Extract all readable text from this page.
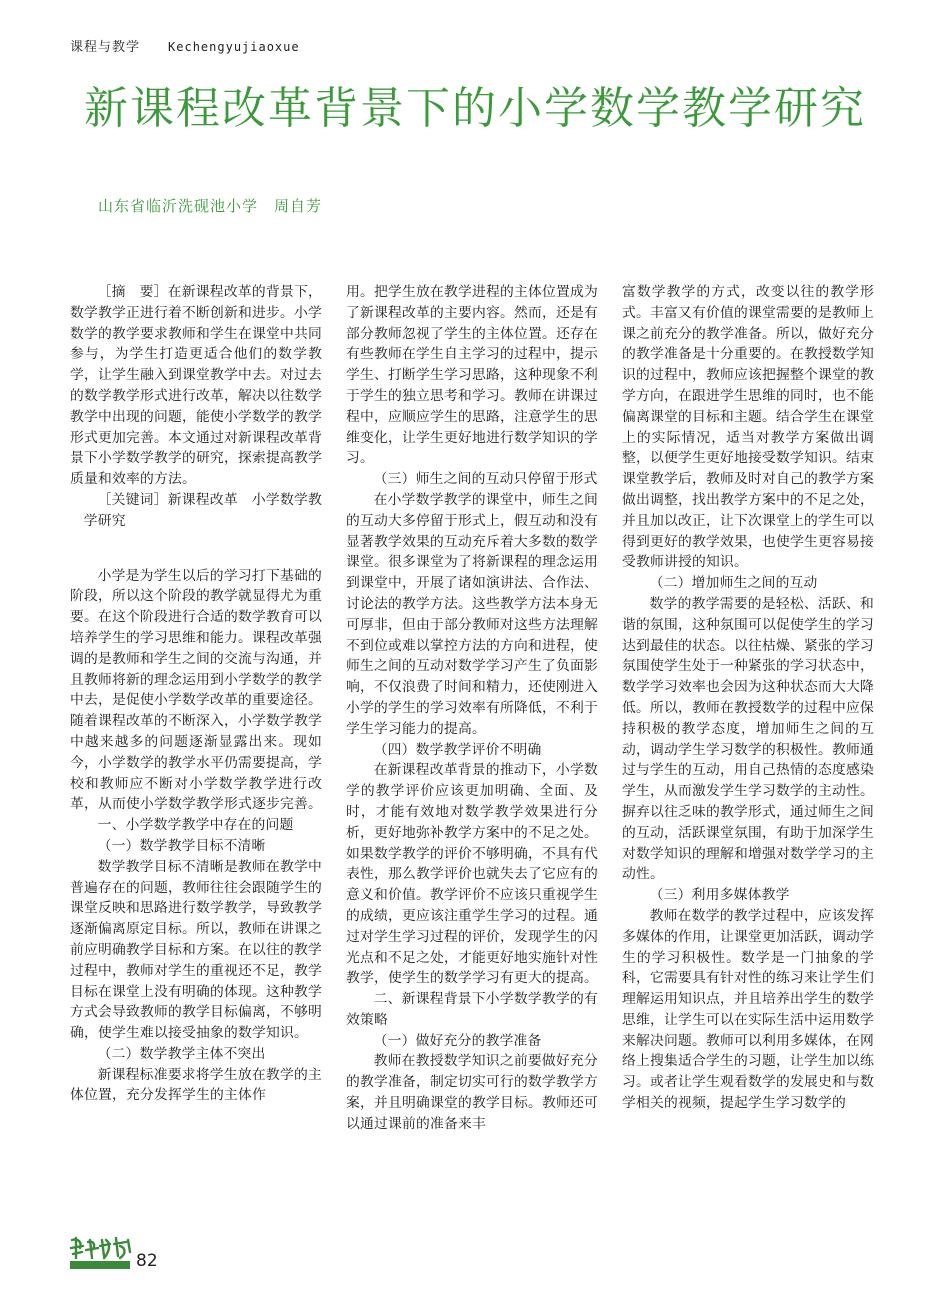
课程与教学 Kechengyujiaoxue
新课程改革背景下的小学数学教学研究
山东省临沂洗砚池小学 周自芳

［摘　要］在新课程改革的背景下，数学教学正进行着不断创新和进步。小学数学的教学要求教师和学生在课堂中共同参与，为学生打造更适合他们的数学教学，让学生融入到课堂教学中去。对过去的数学教学形式进行改革，解决以往数学教学中出现的问题，能使小学数学的教学形式更加完善。本文通过对新课程改革背景下小学数学教学的研究，探索提高教学质量和效率的方法。

［关键词］新课程改革　小学数学教学研究

小学是为学生以后的学习打下基础的阶段，所以这个阶段的教学就显得尤为重要。在这个阶段进行合适的数学教育可以培养学生的学习思维和能力。课程改革强调的是教师和学生之间的交流与沟通，并且教师将新的理念运用到小学数学的教学中去，是促使小学数学改革的重要途径。随着课程改革的不断深入，小学数学教学中越来越多的问题逐渐显露出来。现如今，小学数学的教学水平仍需要提高，学校和教师应不断对小学数学教学进行改革，从而使小学数学教学形式逐步完善。

一、小学数学教学中存在的问题

（一）数学教学目标不清晰

数学教学目标不清晰是教师在教学中普遍存在的问题，教师往往会跟随学生的课堂反映和思路进行数学教学，导致教学逐渐偏离原定目标。所以，教师在讲课之前应明确教学目标和方案。在以往的教学过程中，教师对学生的重视还不足，教学目标在课堂上没有明确的体现。这种教学方式会导致教师的教学目标偏离，不够明确，使学生难以接受抽象的数学知识。

（二）数学教学主体不突出

新课程标准要求将学生放在教学的主体位置，充分发挥学生的主体作

用。把学生放在教学进程的主体位置成为了新课程改革的主要内容。然而，还是有部分教师忽视了学生的主体位置。还存在有些教师在学生自主学习的过程中，提示学生、打断学生学习思路，这种现象不利于学生的独立思考和学习。教师在讲课过程中，应顺应学生的思路，注意学生的思维变化，让学生更好地进行数学知识的学习。

（三）师生之间的互动只停留于形式

在小学数学教学的课堂中，师生之间的互动大多停留于形式上，假互动和没有显著教学效果的互动充斥着大多数的数学课堂。很多课堂为了将新课程的理念运用到课堂中，开展了诸如演讲法、合作法、讨论法的教学方法。这些教学方法本身无可厚非，但由于部分教师对这些方法理解不到位或难以掌控方法的方向和进程，使师生之间的互动对数学学习产生了负面影响，不仅浪费了时间和精力，还使刚进入小学的学生的学习效率有所降低，不利于学生学习能力的提高。

（四）数学教学评价不明确

在新课程改革背景的推动下，小学数学的教学评价应该更加明确、全面、及时，才能有效地对数学教学效果进行分析，更好地弥补教学方案中的不足之处。如果数学教学的评价不够明确，不具有代表性，那么教学评价也就失去了它应有的意义和价值。教学评价不应该只重视学生的成绩，更应该注重学生学习的过程。通过对学生学习过程的评价，发现学生的闪光点和不足之处，才能更好地实施针对性教学，使学生的数学学习有更大的提高。

二、新课程背景下小学数学教学的有效策略

（一）做好充分的教学准备

教师在教授数学知识之前要做好充分的教学准备，制定切实可行的数学教学方案，并且明确课堂的教学目标。教师还可以通过课前的准备来丰

富数学教学的方式，改变以往的教学形式。丰富又有价值的课堂需要的是教师上课之前充分的教学准备。所以，做好充分的教学准备是十分重要的。在教授数学知识的过程中，教师应该把握整个课堂的教学方向，在跟进学生思维的同时，也不能偏离课堂的目标和主题。结合学生在课堂上的实际情况，适当对教学方案做出调整，以便学生更好地接受数学知识。结束课堂教学后，教师及时对自己的教学方案做出调整，找出教学方案中的不足之处，并且加以改正，让下次课堂上的学生可以得到更好的教学效果，也使学生更容易接受教师讲授的知识。

（二）增加师生之间的互动

数学的教学需要的是轻松、活跃、和谐的氛围，这种氛围可以促使学生的学习达到最佳的状态。以往枯燥、紧张的学习氛围使学生处于一种紧张的学习状态中，数学学习效率也会因为这种状态而大大降低。所以，教师在教授数学的过程中应保持积极的教学态度，增加师生之间的互动，调动学生学习数学的积极性。教师通过与学生的互动，用自己热情的态度感染学生，从而激发学生学习数学的主动性。摒弃以往乏味的教学形式，通过师生之间的互动，活跃课堂氛围，有助于加深学生对数学知识的理解和增强对数学学习的主动性。

（三）利用多媒体教学

教师在数学的教学过程中，应该发挥多媒体的作用，让课堂更加活跃，调动学生的学习积极性。数学是一门抽象的学科，它需要具有针对性的练习来让学生们理解运用知识点，并且培养出学生的数学思维，让学生可以在实际生活中运用数学来解决问题。教师可以利用多媒体，在网络上搜集适合学生的习题，让学生加以练习。或者让学生观看数学的发展史和与数学相关的视频，提起学生学习数学的

82
